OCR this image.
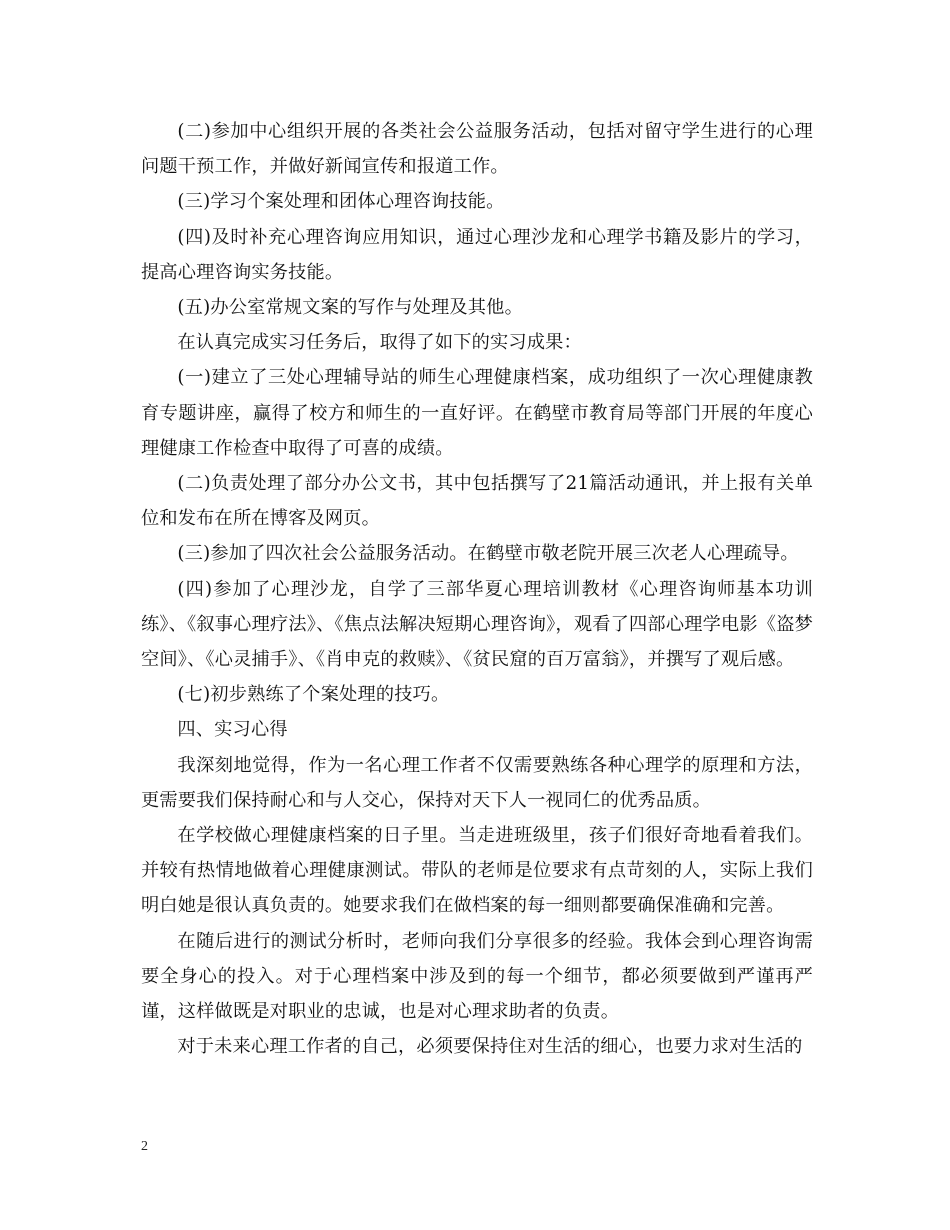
(二)参加中心组织开展的各类社会公益服务活动，包括对留守学生进行的心理问题干预工作，并做好新闻宣传和报道工作。

(三)学习个案处理和团体心理咨询技能。

(四)及时补充心理咨询应用知识，通过心理沙龙和心理学书籍及影片的学习，提高心理咨询实务技能。

(五)办公室常规文案的写作与处理及其他。

在认真完成实习任务后，取得了如下的实习成果：

(一)建立了三处心理辅导站的师生心理健康档案，成功组织了一次心理健康教育专题讲座，赢得了校方和师生的一直好评。在鹤壁市教育局等部门开展的年度心理健康工作检查中取得了可喜的成绩。

(二)负责处理了部分办公文书，其中包括撰写了21篇活动通讯，并上报有关单位和发布在所在博客及网页。

(三)参加了四次社会公益服务活动。在鹤壁市敬老院开展三次老人心理疏导。

(四)参加了心理沙龙，自学了三部华夏心理培训教材《心理咨询师基本功训练》、《叙事心理疗法》、《焦点法解决短期心理咨询》，观看了四部心理学电影《盗梦空间》、《心灵捕手》、《肖申克的救赎》、《贫民窟的百万富翁》，并撰写了观后感。

(七)初步熟练了个案处理的技巧。

四、实习心得

我深刻地觉得，作为一名心理工作者不仅需要熟练各种心理学的原理和方法，更需要我们保持耐心和与人交心，保持对天下人一视同仁的优秀品质。

在学校做心理健康档案的日子里。当走进班级里，孩子们很好奇地看着我们。并较有热情地做着心理健康测试。带队的老师是位要求有点苛刻的人，实际上我们明白她是很认真负责的。她要求我们在做档案的每一细则都要确保准确和完善。

在随后进行的测试分析时，老师向我们分享很多的经验。我体会到心理咨询需要全身心的投入。对于心理档案中涉及到的每一个细节，都必须要做到严谨再严谨，这样做既是对职业的忠诚，也是对心理求助者的负责。

对于未来心理工作者的自己，必须要保持住对生活的细心，也要力求对生活的

2
